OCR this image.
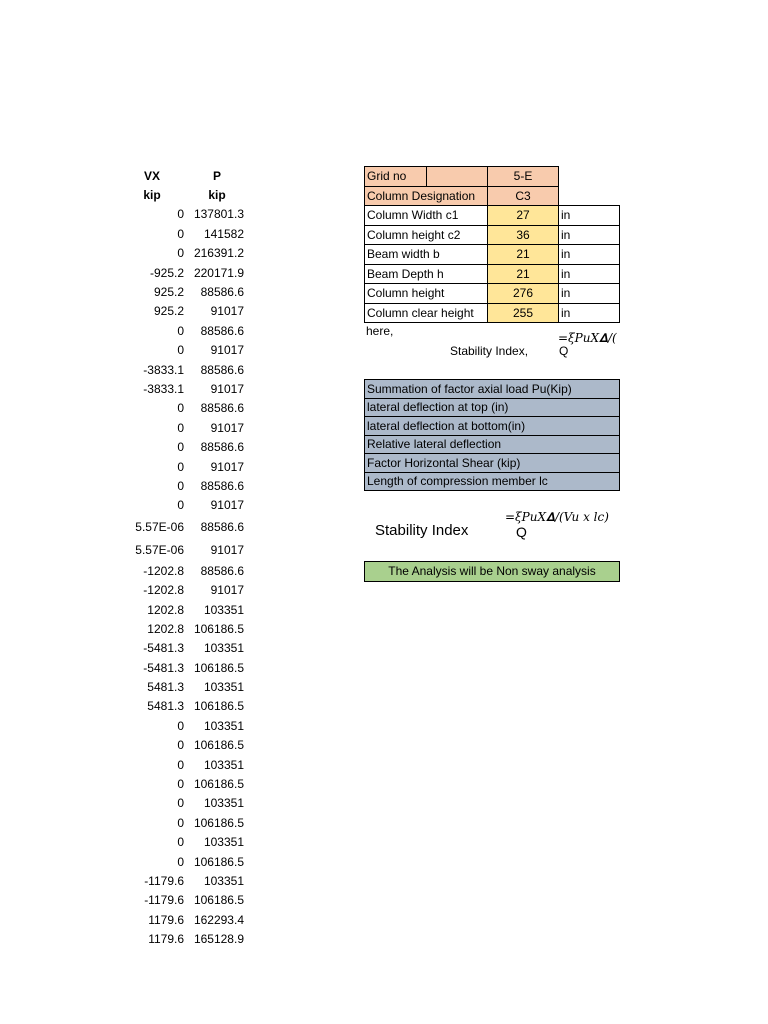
VX	P
kip	kip
0 137801.3
0	141582
0 216391.2
-925.2 220171.9
925.2	88586.6
925.2	91017
0	88586.6
0	91017
-3833.1	88586.6
-3833.1	91017
0	88586.6
0	91017
0	88586.6
0	91017
0	88586.6
0	91017
5.57E-06	88586.6
5.57E-06	91017
-1202.8	88586.6
-1202.8	91017
1202.8	103351
1202.8 106186.5
-5481.3	103351
-5481.3 106186.5
5481.3	103351
5481.3 106186.5
0	103351
0 106186.5
0	103351
0 106186.5
0	103351
0 106186.5
0	103351
0 106186.5
-1179.6	103351
-1179.6 106186.5
1179.6 162293.4
1179.6 165128.9
Grid no		5-E	
Column Designation		C3	
Column Width c1		27	in
Column height c2		36	in
Beam width b		21	in
Beam Depth h		21	in
Column height		276	in
Column clear height		255	in
here,
Stability Index,
=ξPuX𝚫/(
Q
Summation of factor axial load Pu(Kip)
lateral deflection at top (in)
lateral deflection at bottom(in)
Relative lateral deflection
Factor Horizontal Shear (kip)
Length of compression member lc
Stability Index
=ξPuX𝚫/(Vu x lc)
Q
The Analysis will be Non sway analysis
